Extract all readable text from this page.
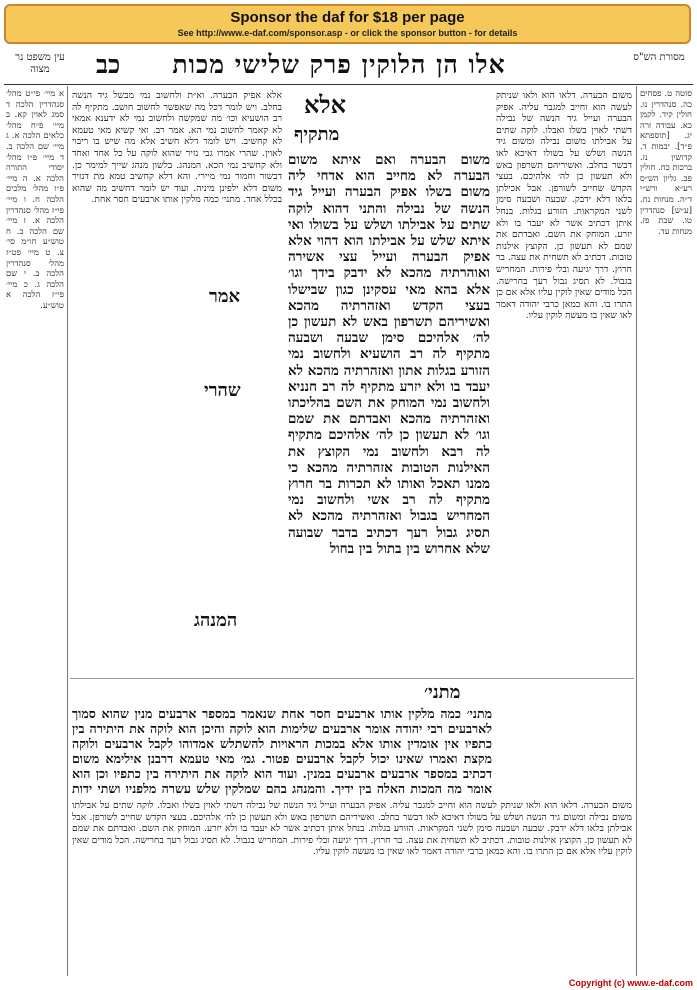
Sponsor the daf for $18 per page
See http://www.e-daf.com/sponsor.asp - or click the sponsor button - for details
עין משפט נר מצוה	כב	אלו הן הלוקין פרק שלישי מכות	מסורת הש"ס
א מיי׳ פי״ט מהל׳ סנהדרין הלכה ד סמג לאוין קא. ב מיי׳ פ״ח מהל׳ כלאים הלכה א. ג מיי׳ שם הלכה ב. ד מיי׳ פ״ו מהל׳ יסודי התורה הלכה א. ה מיי׳ פ״ו מהל׳ מלכים הלכה ח. ו מיי׳ פי״ז מהל׳ סנהדרין הלכה א. ז מיי׳ שם הלכה ב. ח טוש״ע חו״מ סי׳ צ. ט מיי׳ פט״ז מהל׳ סנהדרין הלכה ב. י שם הלכה ג. כ מיי׳ פי״ז הלכה א טוש״ע.
אלא אפיק הבערה. וא״ת ולחשוב נמי מבשל גיד הנשה בחלב. ויש לומר דכל מה שאפשר לחשוב חושב. מתקיף לה רב הושעיא וכו׳ מה שמקשה ולחשוב נמי לא ידענא אמאי לא קאמר לחשוב נמי הא. אמר רב. ואי קשיא מאי טעמא לא קחשיב. ויש לומר דלא חשיב אלא מה שיש בו ריבוי לאוין. שהרי אמרו גבי נזיר שהוא לוקה על כל אחד ואחד ולא קחשיב נמי הכא. המנהג. בלשון מנהג שייך למימר כן. דבשור וחמור נמי מיירי. והא דלא קחשיב טמא מת דנזיר משום דלא ילפינן מיניה. ועוד יש לומר דחשיב מה שהוא בכלל אחד. מתני׳ כמה מלקין אותו ארבעים חסר אחת.
משום הבערה ואם איתא משום הבערה לא מחייב הוא אדחי ליה משום בשלו אפיק הבערה ועייל גיד הנשה של נבילה והתני דהוא לוקה שתים על אבילתו ושלש על בשולו ואי איתא שלש על אבילתו הוא דהוי אלא אפיק הבערה ועייל עצי אשירה ואוהרתיה מהכא לא ידבק בידך וגו׳ אלא בהא מאי עסקינן כגון שבישלו בעצי הקדש ואזהרתיה מהכא ואשיריהם תשרפון באש לא תעשון כן לה׳ אלהיכם סימן שבעה ושבעה מתקיף לה רב הושעיא ולחשוב נמי הזורע בגלות אתון ואזהרתיה מהכא לא יעבד בו ולא יזרע מתקיף לה רב חנניא ולחשוב נמי המוחק את השם בהליכתו ואזהרתיה מהכא ואבדתם את שמם וגו׳ לא תעשון כן לה׳ אלהיכם מתקיף לה רבא ולחשוב נמי הקוצץ את האילנות הטובות אזהרתיה מהכא כי ממנו תאכל ואותו לא תכרות בר חרוץ מתקיף לה רב אשי ולחשוב נמי המחריש בגבול ואזהרתיה מהכא לא תסיג גבול רעך דכתיב בדבר שבועה שלא אחרוש בין בתול בין בחול
אלא
מתקיף
משום הבערה. דלאו הוא ולאו שניתק לעשה הוא וחייב למגבר עליה. אפיק הבערה ועייל גיד הנשה של נבילה דשתי לאוין בשלו ואבלו. לוקה שתים על אבילתו משום נבילה ומשום גיד הנשה ושלש על בשולו דאיכא לאו דבשר בחלב. ואשיריהם תשרפון באש ולא תעשון כן לה׳ אלהיכם. בעצי הקדש שחייב לשורפן. אבל אכילתן בלאו דלא ידבק. שבעה ושבעה סימן לשני המקראות. הזורע בגלות. בנחל איתן דכתיב אשר לא יעבד בו ולא יזרע. המוחק את השם. ואבדתם את שמם לא תעשון כן. הקוצץ אילנות טובות. דכתיב לא תשחית את עצה. בר חרוץ. דרך יגיעה ובלי פירות. המחריש בגבול. לא תסיג גבול רעך בחרישה. הכל מודים שאין לוקין עליו אלא אם כן התרו בו. והא כמאן כרבי יהודה דאמר לאו שאין בו מעשה לוקין עליו.
סוטה ט. פסחים כה. סנהדרין נו. חולין קיד. לקמן כא. עבודה זרה יג. [תוספתא פ״ד]. יבמות ד. קדושין נז. ברכות כח. חולין פב. גליון הש״ס רע״א ורש״י ד״ה. מנחות נח. [ע״ש] סנהדרין טו. שבת פז. מנחות עד.
אמר
שהרי
המנהג
מתני׳
מתני׳ כמה מלקין אותו ארבעים חסר אחת שנאמר במספר ארבעים מנין שהוא סמוך לארבעים רבי יהודה אומר ארבעים שלימות הוא לוקה והיכן הוא לוקה את היתירה בין כתפיו אין אומדין אותו אלא במכות הראויות להשתלש אמדוהו לקבל ארבעים ולוקה מקצת ואמרו שאינו יכול לקבל ארבעים פטור. גמ׳ מאי טעמא דרבנן אילימא משום דכתיב במספר ארבעים ארבעים במנין. ועוד הוא לוקה את היתירה בין כתפיו וכן הוא אומר מה המכות האלה בין ידיך. והמנהג בהם שמלקין שלש עשרה מלפניו ושתי ידות
משום הבערה. דלאו הוא ולאו שניתק לעשה הוא וחייב למגבר עליה. אפיק הבערה ועייל גיד הנשה של נבילה דשתי לאוין בשלו ואבלו. לוקה שתים על אבילתו משום נבילה ומשום גיד הנשה ושלש על בשולו דאיכא לאו דבשר בחלב. ואשיריהם תשרפון באש ולא תעשון כן לה׳ אלהיכם. בעצי הקדש שחייב לשורפן. אבל אכילתן בלאו דלא ידבק. שבעה ושבעה סימן לשני המקראות. הזורע בגלות. בנחל איתן דכתיב אשר לא יעבד בו ולא יזרע. המוחק את השם. ואבדתם את שמם לא תעשון כן. הקוצץ אילנות טובות. דכתיב לא תשחית את עצה. בר חרוץ. דרך יגיעה ובלי פירות. המחריש בגבול. לא תסיג גבול רעך בחרישה. הכל מודים שאין לוקין עליו אלא אם כן התרו בו. והא כמאן כרבי יהודה דאמר לאו שאין בו מעשה לוקין עליו.
Copyright (c) www.e-daf.com
